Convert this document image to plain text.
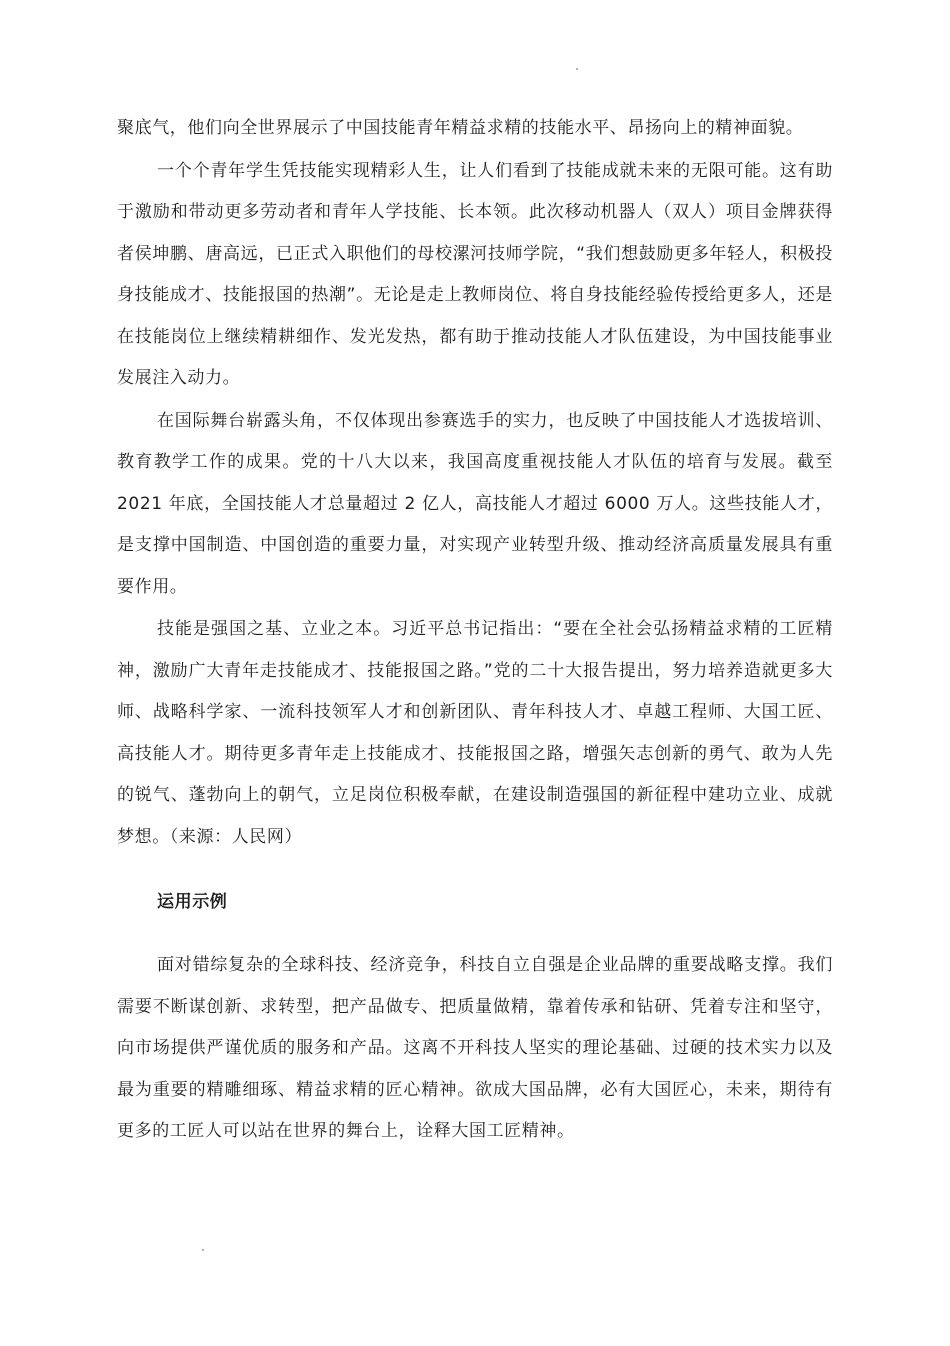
聚底气，他们向全世界展示了中国技能青年精益求精的技能水平、昂扬向上的精神面貌。

一个个青年学生凭技能实现精彩人生，让人们看到了技能成就未来的无限可能。这有助于激励和带动更多劳动者和青年人学技能、长本领。此次移动机器人（双人）项目金牌获得者侯坤鹏、唐高远，已正式入职他们的母校漯河技师学院，“我们想鼓励更多年轻人，积极投身技能成才、技能报国的热潮”。无论是走上教师岗位、将自身技能经验传授给更多人，还是在技能岗位上继续精耕细作、发光发热，都有助于推动技能人才队伍建设，为中国技能事业发展注入动力。

在国际舞台崭露头角，不仅体现出参赛选手的实力，也反映了中国技能人才选拔培训、教育教学工作的成果。党的十八大以来，我国高度重视技能人才队伍的培育与发展。截至 2021 年底，全国技能人才总量超过 2 亿人，高技能人才超过 6000 万人。这些技能人才，是支撑中国制造、中国创造的重要力量，对实现产业转型升级、推动经济高质量发展具有重要作用。

技能是强国之基、立业之本。习近平总书记指出：“要在全社会弘扬精益求精的工匠精神，激励广大青年走技能成才、技能报国之路。”党的二十大报告提出，努力培养造就更多大师、战略科学家、一流科技领军人才和创新团队、青年科技人才、卓越工程师、大国工匠、高技能人才。期待更多青年走上技能成才、技能报国之路，增强矢志创新的勇气、敢为人先的锐气、蓬勃向上的朝气，立足岗位积极奉献，在建设制造强国的新征程中建功立业、成就梦想。（来源：人民网）

运用示例

面对错综复杂的全球科技、经济竞争，科技自立自强是企业品牌的重要战略支撑。我们需要不断谋创新、求转型，把产品做专、把质量做精，靠着传承和钻研、凭着专注和坚守，向市场提供严谨优质的服务和产品。这离不开科技人坚实的理论基础、过硬的技术实力以及最为重要的精雕细琢、精益求精的匠心精神。欲成大国品牌，必有大国匠心，未来，期待有更多的工匠人可以站在世界的舞台上，诠释大国工匠精神。
